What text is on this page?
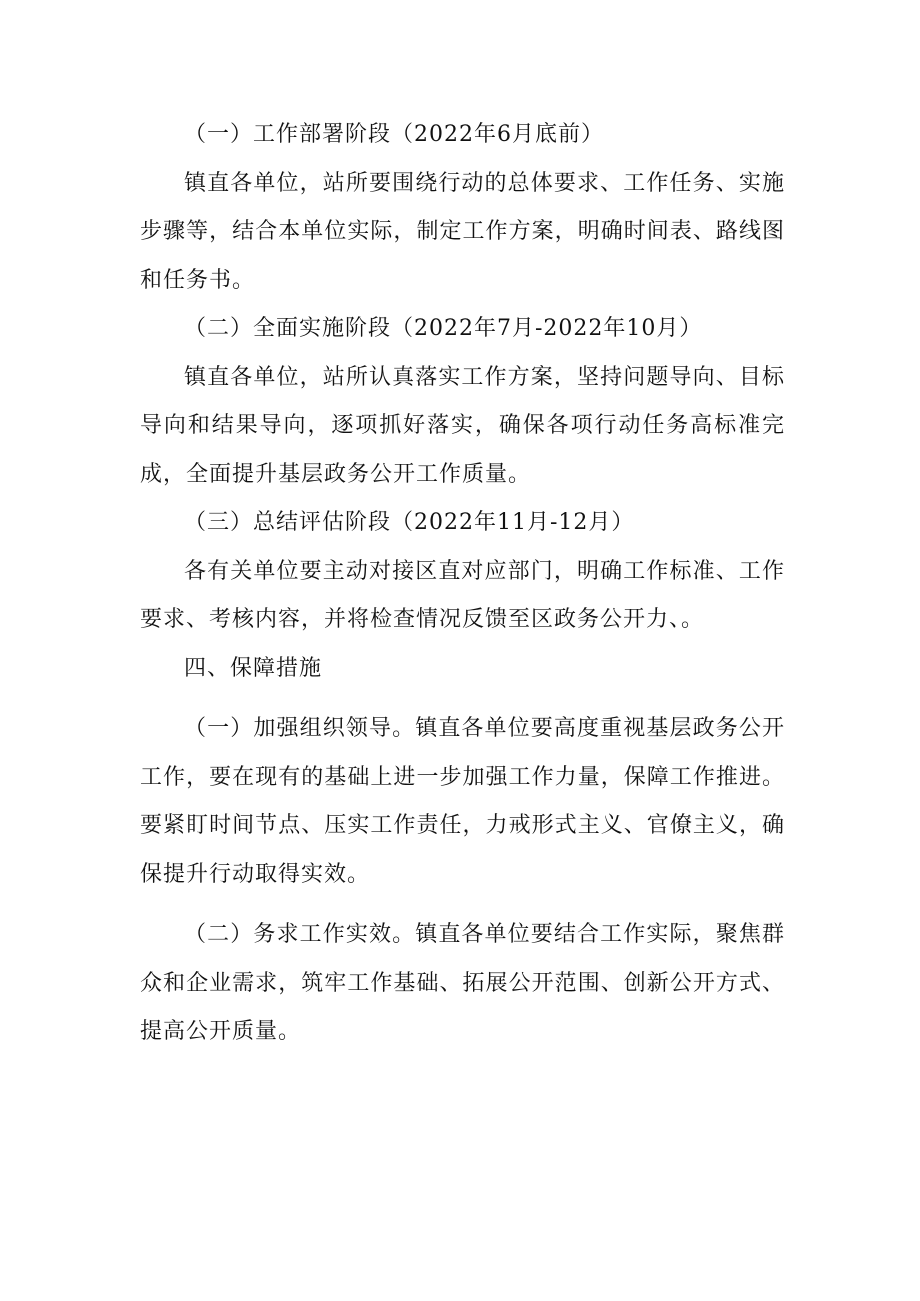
（一）工作部署阶段（2022年6月底前）

镇直各单位，站所要围绕行动的总体要求、工作任务、实施步骤等，结合本单位实际，制定工作方案，明确时间表、路线图和任务书。

（二）全面实施阶段（2022年7月-2022年10月）

镇直各单位，站所认真落实工作方案，坚持问题导向、目标导向和结果导向，逐项抓好落实，确保各项行动任务高标准完成，全面提升基层政务公开工作质量。

（三）总结评估阶段（2022年11月-12月）

各有关单位要主动对接区直对应部门，明确工作标准、工作要求、考核内容，并将检查情况反馈至区政务公开力、。

四、保障措施

（一）加强组织领导。镇直各单位要高度重视基层政务公开工作，要在现有的基础上进一步加强工作力量，保障工作推进。要紧盯时间节点、压实工作责任，力戒形式主义、官僚主义，确保提升行动取得实效。

（二）务求工作实效。镇直各单位要结合工作实际，聚焦群众和企业需求，筑牢工作基础、拓展公开范围、创新公开方式、提高公开质量。
